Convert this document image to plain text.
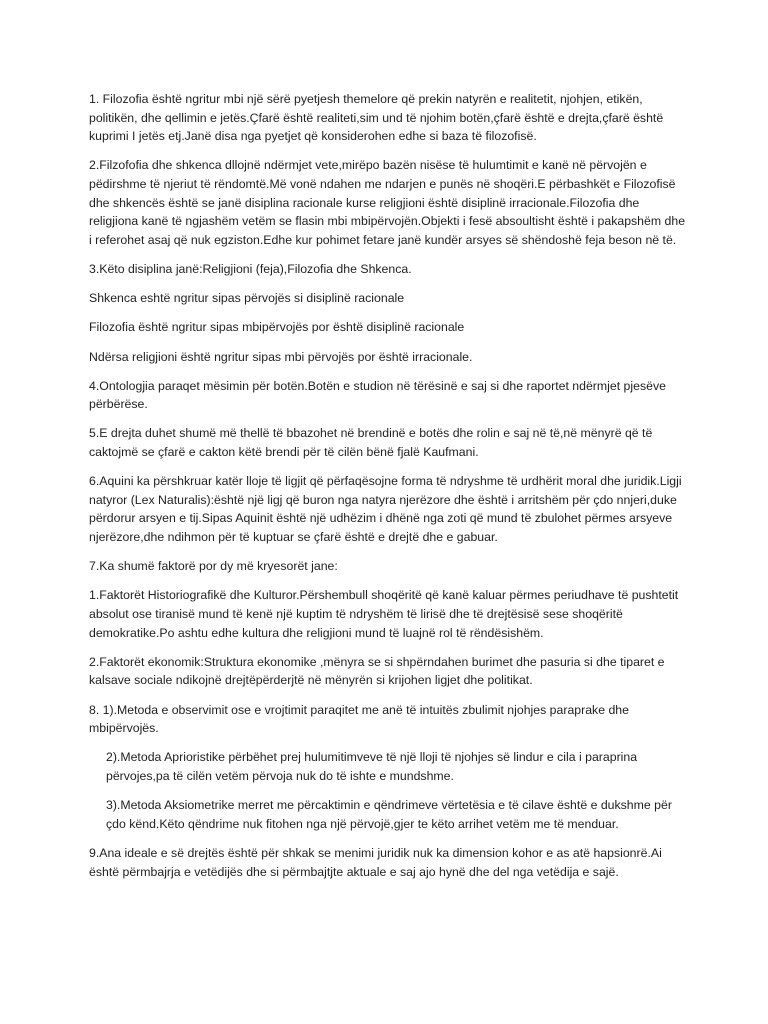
1. Filozofia është ngritur mbi një sërë pyetjesh themelore që prekin natyrën e realitetit, njohjen, etikën, politikën, dhe qellimin e jetës.Çfarë është realiteti,sim und të njohim botën,çfarë është e drejta,çfarë është kuprimi I jetës etj.Janë disa nga pyetjet që konsiderohen edhe si baza të filozofisë.

2.Filzofofia dhe shkenca dllojnë ndërmjet vete,mirëpo bazën nisëse të hulumtimit e kanë në përvojën e pëdirshme të njeriut të rëndomtë.Më vonë ndahen me ndarjen e punës në shoqëri.E përbashkët e Filozofisë dhe shkencës është se janë disiplina racionale kurse religjioni është disiplinë irracionale.Filozofia dhe religjiona kanë të ngjashëm vetëm se flasin mbi mbipërvojën.Objekti i fesë absoultisht është i pakapshëm dhe i referohet asaj që nuk egziston.Edhe kur pohimet fetare janë kundër arsyes së shëndoshë feja beson në të.

3.Këto disiplina janë:Religjioni (feja),Filozofia dhe Shkenca.

Shkenca eshtë ngritur sipas përvojës si disiplinë racionale

Filozofia është ngritur sipas mbipërvojës por është disiplinë racionale

Ndërsa religjioni është ngritur sipas mbi përvojës por është irracionale.

4.Ontologjia paraqet mësimin për botën.Botën e studion në tërësinë e saj si dhe raportet ndërmjet pjesëve përbërëse.

5.E drejta duhet shumë më thellë të bbazohet në brendinë e botës dhe rolin e saj në të,në mënyrë që të caktojmë se çfarë e cakton këtë brendi për të cilën bënë fjalë Kaufmani.

6.Aquini ka përshkruar katër lloje të ligjit që përfaqësojne forma të ndryshme të urdhërit moral dhe juridik.Ligji natyror (Lex Naturalis):është një ligj që buron nga natyra njerëzore dhe është i arritshëm për çdo nnjeri,duke përdorur arsyen e tij.Sipas Aquinit është një udhëzim i dhënë nga zoti që mund të zbulohet përmes arsyeve njerëzore,dhe ndihmon për të kuptuar se çfarë është e drejtë dhe e gabuar.

7.Ka shumë faktorë por dy më kryesorët jane:

1.Faktorët Historiografikë dhe Kulturor.Përshembull shoqëritë që kanë kaluar përmes periudhave të pushtetit absolut ose tiranisë mund të kenë një kuptim të ndryshëm të lirisë dhe të drejtësisë sese shoqëritë demokratike.Po ashtu edhe kultura dhe religjioni mund të luajnë rol të rëndësishëm.

2.Faktorët ekonomik:Struktura ekonomike ,mënyra se si shpërndahen burimet dhe pasuria si dhe tiparet e kalsave sociale ndikojnë drejtëpërderjtë në mënyrën si krijohen ligjet dhe politikat.

8. 1).Metoda e observimit ose e vrojtimit paraqitet me anë të intuitës zbulimit njohjes paraprake dhe mbipërvojës.

2).Metoda Aprioristike përbëhet prej hulumitimveve të një lloji të njohjes së lindur e cila i paraprina përvojes,pa të cilën vetëm përvoja nuk do të ishte e mundshme.

3).Metoda Aksiometrike merret me përcaktimin e qëndrimeve vërtetësia e të cilave është e dukshme për çdo kënd.Këto qëndrime nuk fitohen nga një përvojë,gjer te këto arrihet vetëm me të menduar.

9.Ana ideale e së drejtës është për shkak se menimi juridik nuk ka dimension kohor e as atë hapsionrë.Ai është përmbajrja e vetëdijës dhe si përmbajtjte aktuale e saj ajo hynë dhe del nga vetëdija e sajë.
